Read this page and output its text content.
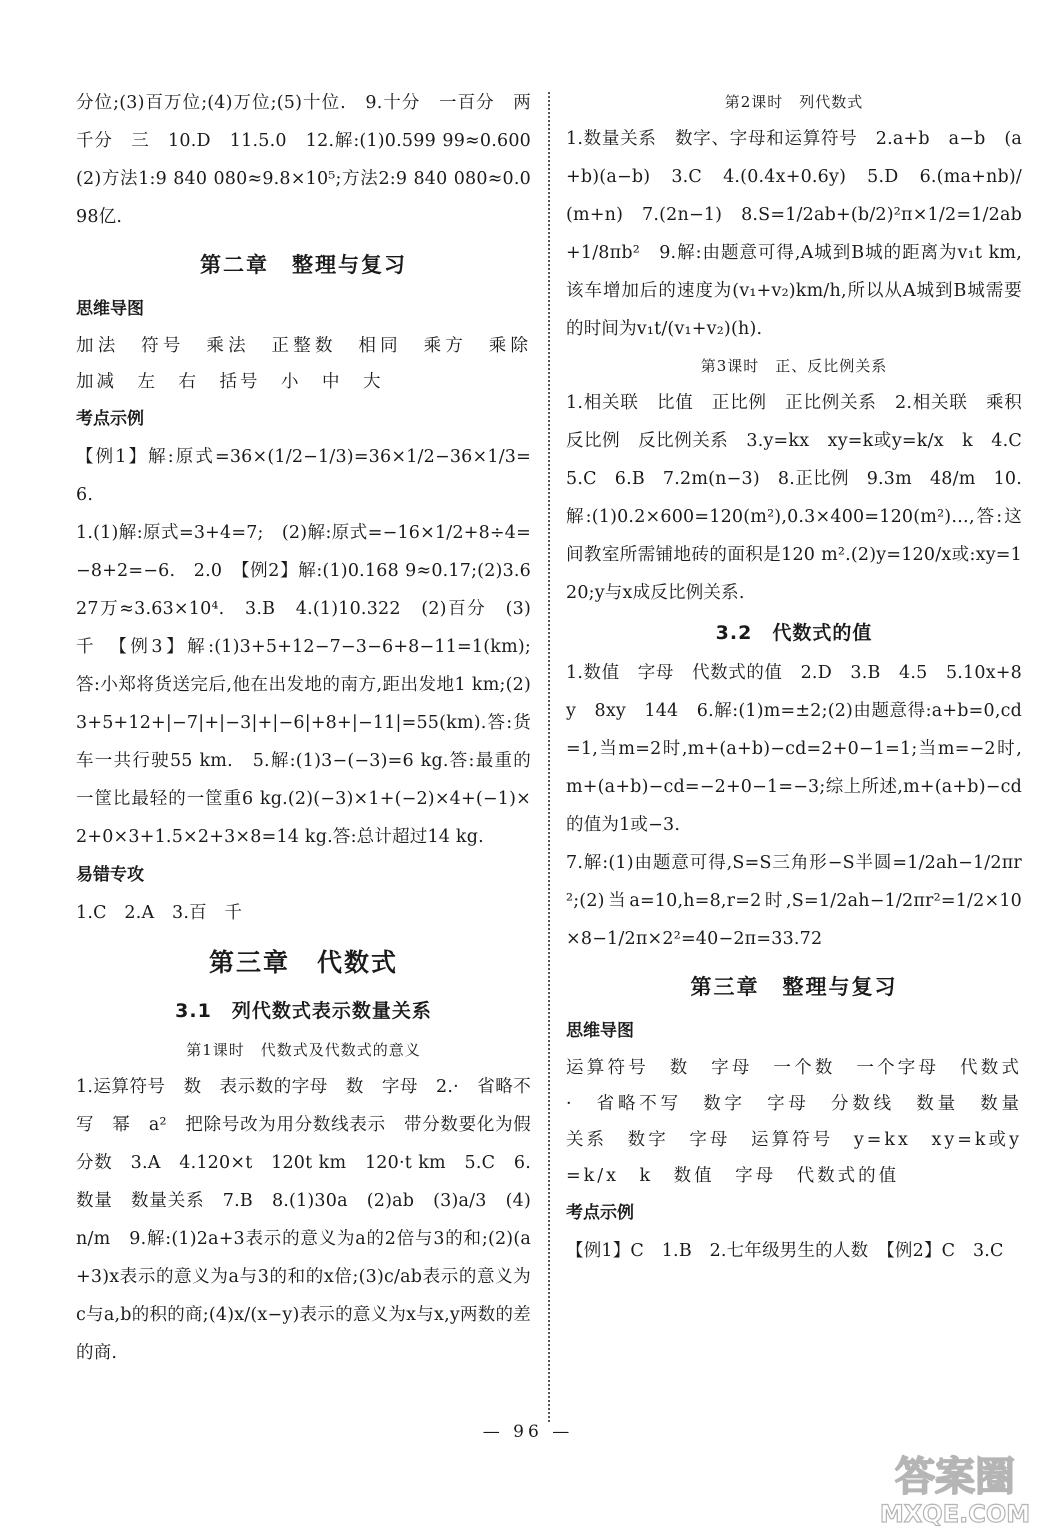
分位;(3)百万位;(4)万位;(5)十位.　9.十分　一百分　两　千分　三　10.D　11.5.0　12.解:(1)0.599 99≈0.600　(2)方法1:9 840 080≈9.8×10⁵;方法2:9 840 080≈0.098亿.

第二章　整理与复习
思维导图

加法　符号　乘法　正整数　相同　乘方　乘除　加减　左　右　括号　小　中　大

考点示例

【例1】解:原式=36×(1/2−1/3)=36×1/2−36×1/3=6.

1.(1)解:原式=3+4=7;　(2)解:原式=−16×1/2+8÷4=−8+2=−6.　2.0　【例2】解:(1)0.168 9≈0.17;(2)3.627万≈3.63×10⁴.　3.B　4.(1)10.322　(2)百分　(3)千　【例3】解:(1)3+5+12−7−3−6+8−11=1(km);答:小郑将货送完后,他在出发地的南方,距出发地1 km;(2)3+5+12+|−7|+|−3|+|−6|+8+|−11|=55(km).答:货车一共行驶55 km.　5.解:(1)3−(−3)=6 kg.答:最重的一筐比最轻的一筐重6 kg.(2)(−3)×1+(−2)×4+(−1)×2+0×3+1.5×2+3×8=14 kg.答:总计超过14 kg.

易错专攻

1.C　2.A　3.百　千

第三章　代数式
3.1　列代数式表示数量关系
第1课时　代数式及代数式的意义

1.运算符号　数　表示数的字母　数　字母　2.·　省略不写　幂　a²　把除号改为用分数线表示　带分数要化为假分数　3.A　4.120×t　120t km　120·t km　5.C　6.数量　数量关系　7.B　8.(1)30a　(2)ab　(3)a/3　(4)n/m　9.解:(1)2a+3表示的意义为a的2倍与3的和;(2)(a+3)x表示的意义为a与3的和的x倍;(3)c/ab表示的意义为c与a,b的积的商;(4)x/(x−y)表示的意义为x与x,y两数的差的商.

第2课时　列代数式

1.数量关系　数字、字母和运算符号　2.a+b　a−b　(a+b)(a−b)　3.C　4.(0.4x+0.6y)　5.D　6.(ma+nb)/(m+n)　7.(2n−1)　8.S=1/2ab+(b/2)²π×1/2=1/2ab+1/8πb²　9.解:由题意可得,A城到B城的距离为v₁t km,该车增加后的速度为(v₁+v₂)km/h,所以从A城到B城需要的时间为v₁t/(v₁+v₂)(h).

第3课时　正、反比例关系

1.相关联　比值　正比例　正比例关系　2.相关联　乘积　反比例　反比例关系　3.y=kx　xy=k或y=k/x　k　4.C　5.C　6.B　7.2m(n−3)　8.正比例　9.3m　48/m　10.解:(1)0.2×600=120(m²),0.3×400=120(m²)…,答:这间教室所需铺地砖的面积是120 m².(2)y=120/x或:xy=120;y与x成反比例关系.

3.2　代数式的值

1.数值　字母　代数式的值　2.D　3.B　4.5　5.10x+8y　8xy　144　6.解:(1)m=±2;(2)由题意得:a+b=0,cd=1,当m=2时,m+(a+b)−cd=2+0−1=1;当m=−2时,m+(a+b)−cd=−2+0−1=−3;综上所述,m+(a+b)−cd的值为1或−3.

7.解:(1)由题意可得,S=S三角形−S半圆=1/2ah−1/2πr²;(2)当a=10,h=8,r=2时,S=1/2ah−1/2πr²=1/2×10×8−1/2π×2²=40−2π=33.72

第三章　整理与复习
思维导图

运算符号　数　字母　一个数　一个字母　代数式　·　省略不写　数字　字母　分数线　数量　数量关系　数字　字母　运算符号　y=kx　xy=k或y=k/x　k　数值　字母　代数式的值

考点示例

【例1】C　1.B　2.七年级男生的人数　【例2】C　3.C

— 96 —
答案圈
MXQE.COM
